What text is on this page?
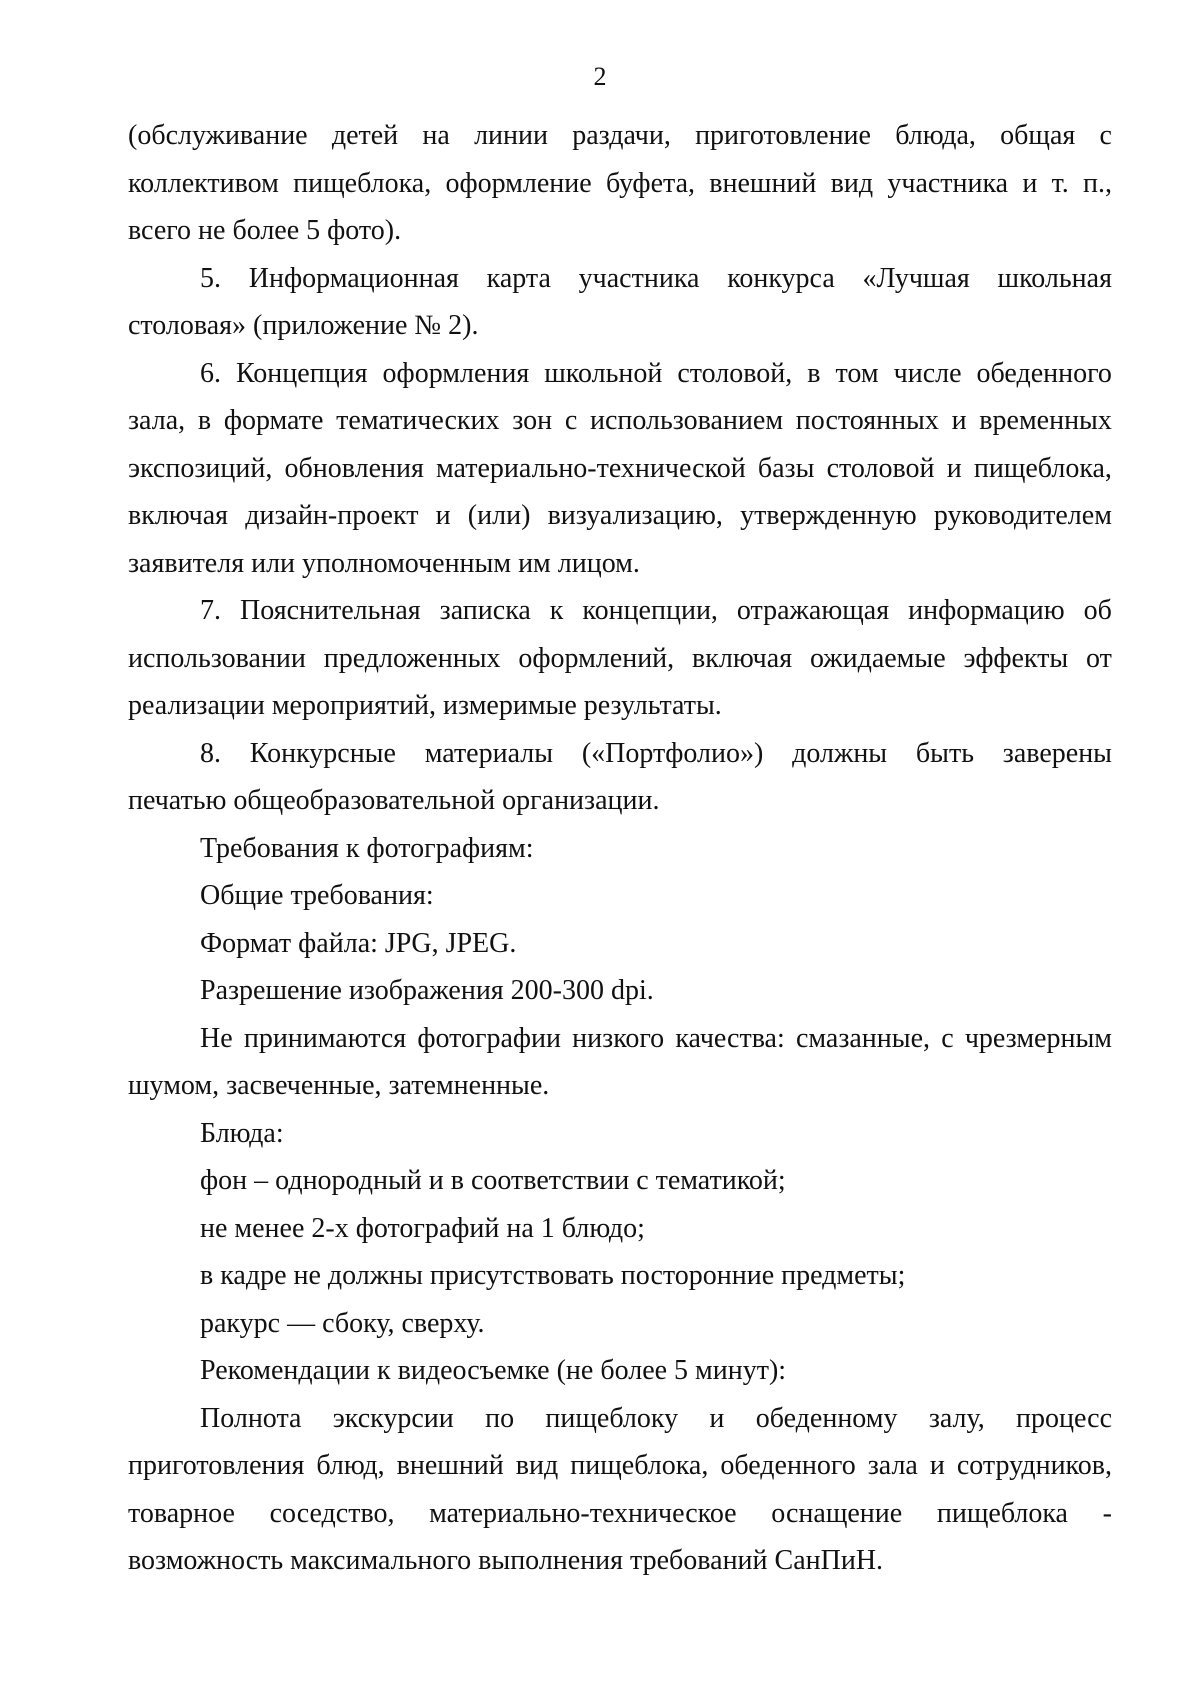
2
(обслуживание детей на линии раздачи, приготовление блюда, общая с
коллективом пищеблока, оформление буфета, внешний вид участника и т. п.,
всего не более 5 фото).
5. Информационная карта участника конкурса «Лучшая школьная
столовая» (приложение № 2).
6. Концепция оформления школьной столовой, в том числе обеденного
зала, в формате тематических зон с использованием постоянных и временных
экспозиций, обновления материально-технической базы столовой и пищеблока,
включая дизайн-проект и (или) визуализацию, утвержденную руководителем
заявителя или уполномоченным им лицом.
7. Пояснительная записка к концепции, отражающая информацию об
использовании предложенных оформлений, включая ожидаемые эффекты от
реализации мероприятий, измеримые результаты.
8. Конкурсные материалы («Портфолио») должны быть заверены
печатью общеобразовательной организации.
Требования к фотографиям:
Общие требования:
Формат файла: JPG, JPEG.
Разрешение изображения 200-300 dpi.
Не принимаются фотографии низкого качества: смазанные, с чрезмерным
шумом, засвеченные, затемненные.
Блюда:
фон – однородный и в соответствии с тематикой;
не менее 2-х фотографий на 1 блюдо;
в кадре не должны присутствовать посторонние предметы;
ракурс — сбоку, сверху.
Рекомендации к видеосъемке (не более 5 минут):
Полнота экскурсии по пищеблоку и обеденному залу, процесс
приготовления блюд, внешний вид пищеблока, обеденного зала и сотрудников,
товарное соседство, материально-техническое оснащение пищеблока -
возможность максимального выполнения требований СанПиН.
